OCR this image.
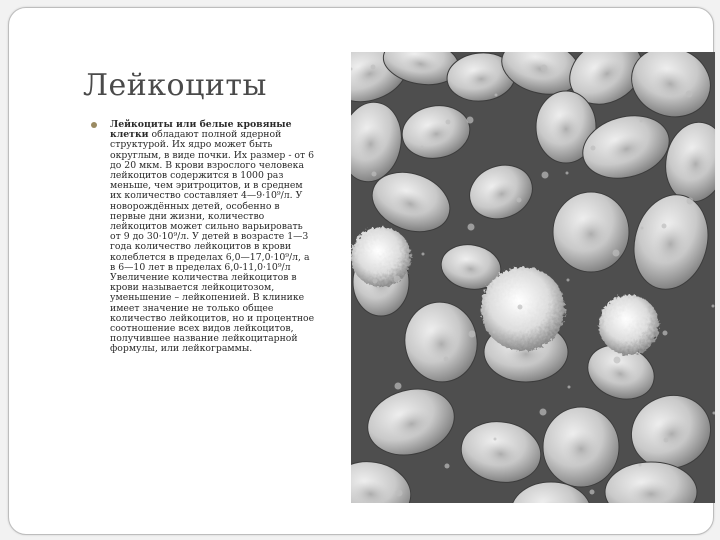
Лейкоциты

Лейкоциты или белые кровяные клетки обладают полной ядерной структурой. Их ядро может быть округлым, в виде почки. Их размер - от 6 до 20 мкм. В крови взрослого человека лейкоцитов содержится в 1000 раз меньше, чем эритроцитов, и в среднем их количество составляет 4—9·10⁹/л. У новорождённых детей, особенно в первые дни жизни, количество лейкоцитов может сильно варьировать от 9 до 30·10⁹/л. У детей в возрасте 1—3 года количество лейкоцитов в крови колеблется в пределах 6,0—17,0·10⁹/л, а в 6—10 лет в пределах 6,0-11,0·10⁹/л Увеличение количества лейкоцитов в крови называется лейкоцитозом, уменьшение – лейкопенией. В клинике имеет значение не только общее количество лейкоцитов, но и процентное соотношение всех видов лейкоцитов, получившее название лейкоцитарной формулы, или лейкограммы.
